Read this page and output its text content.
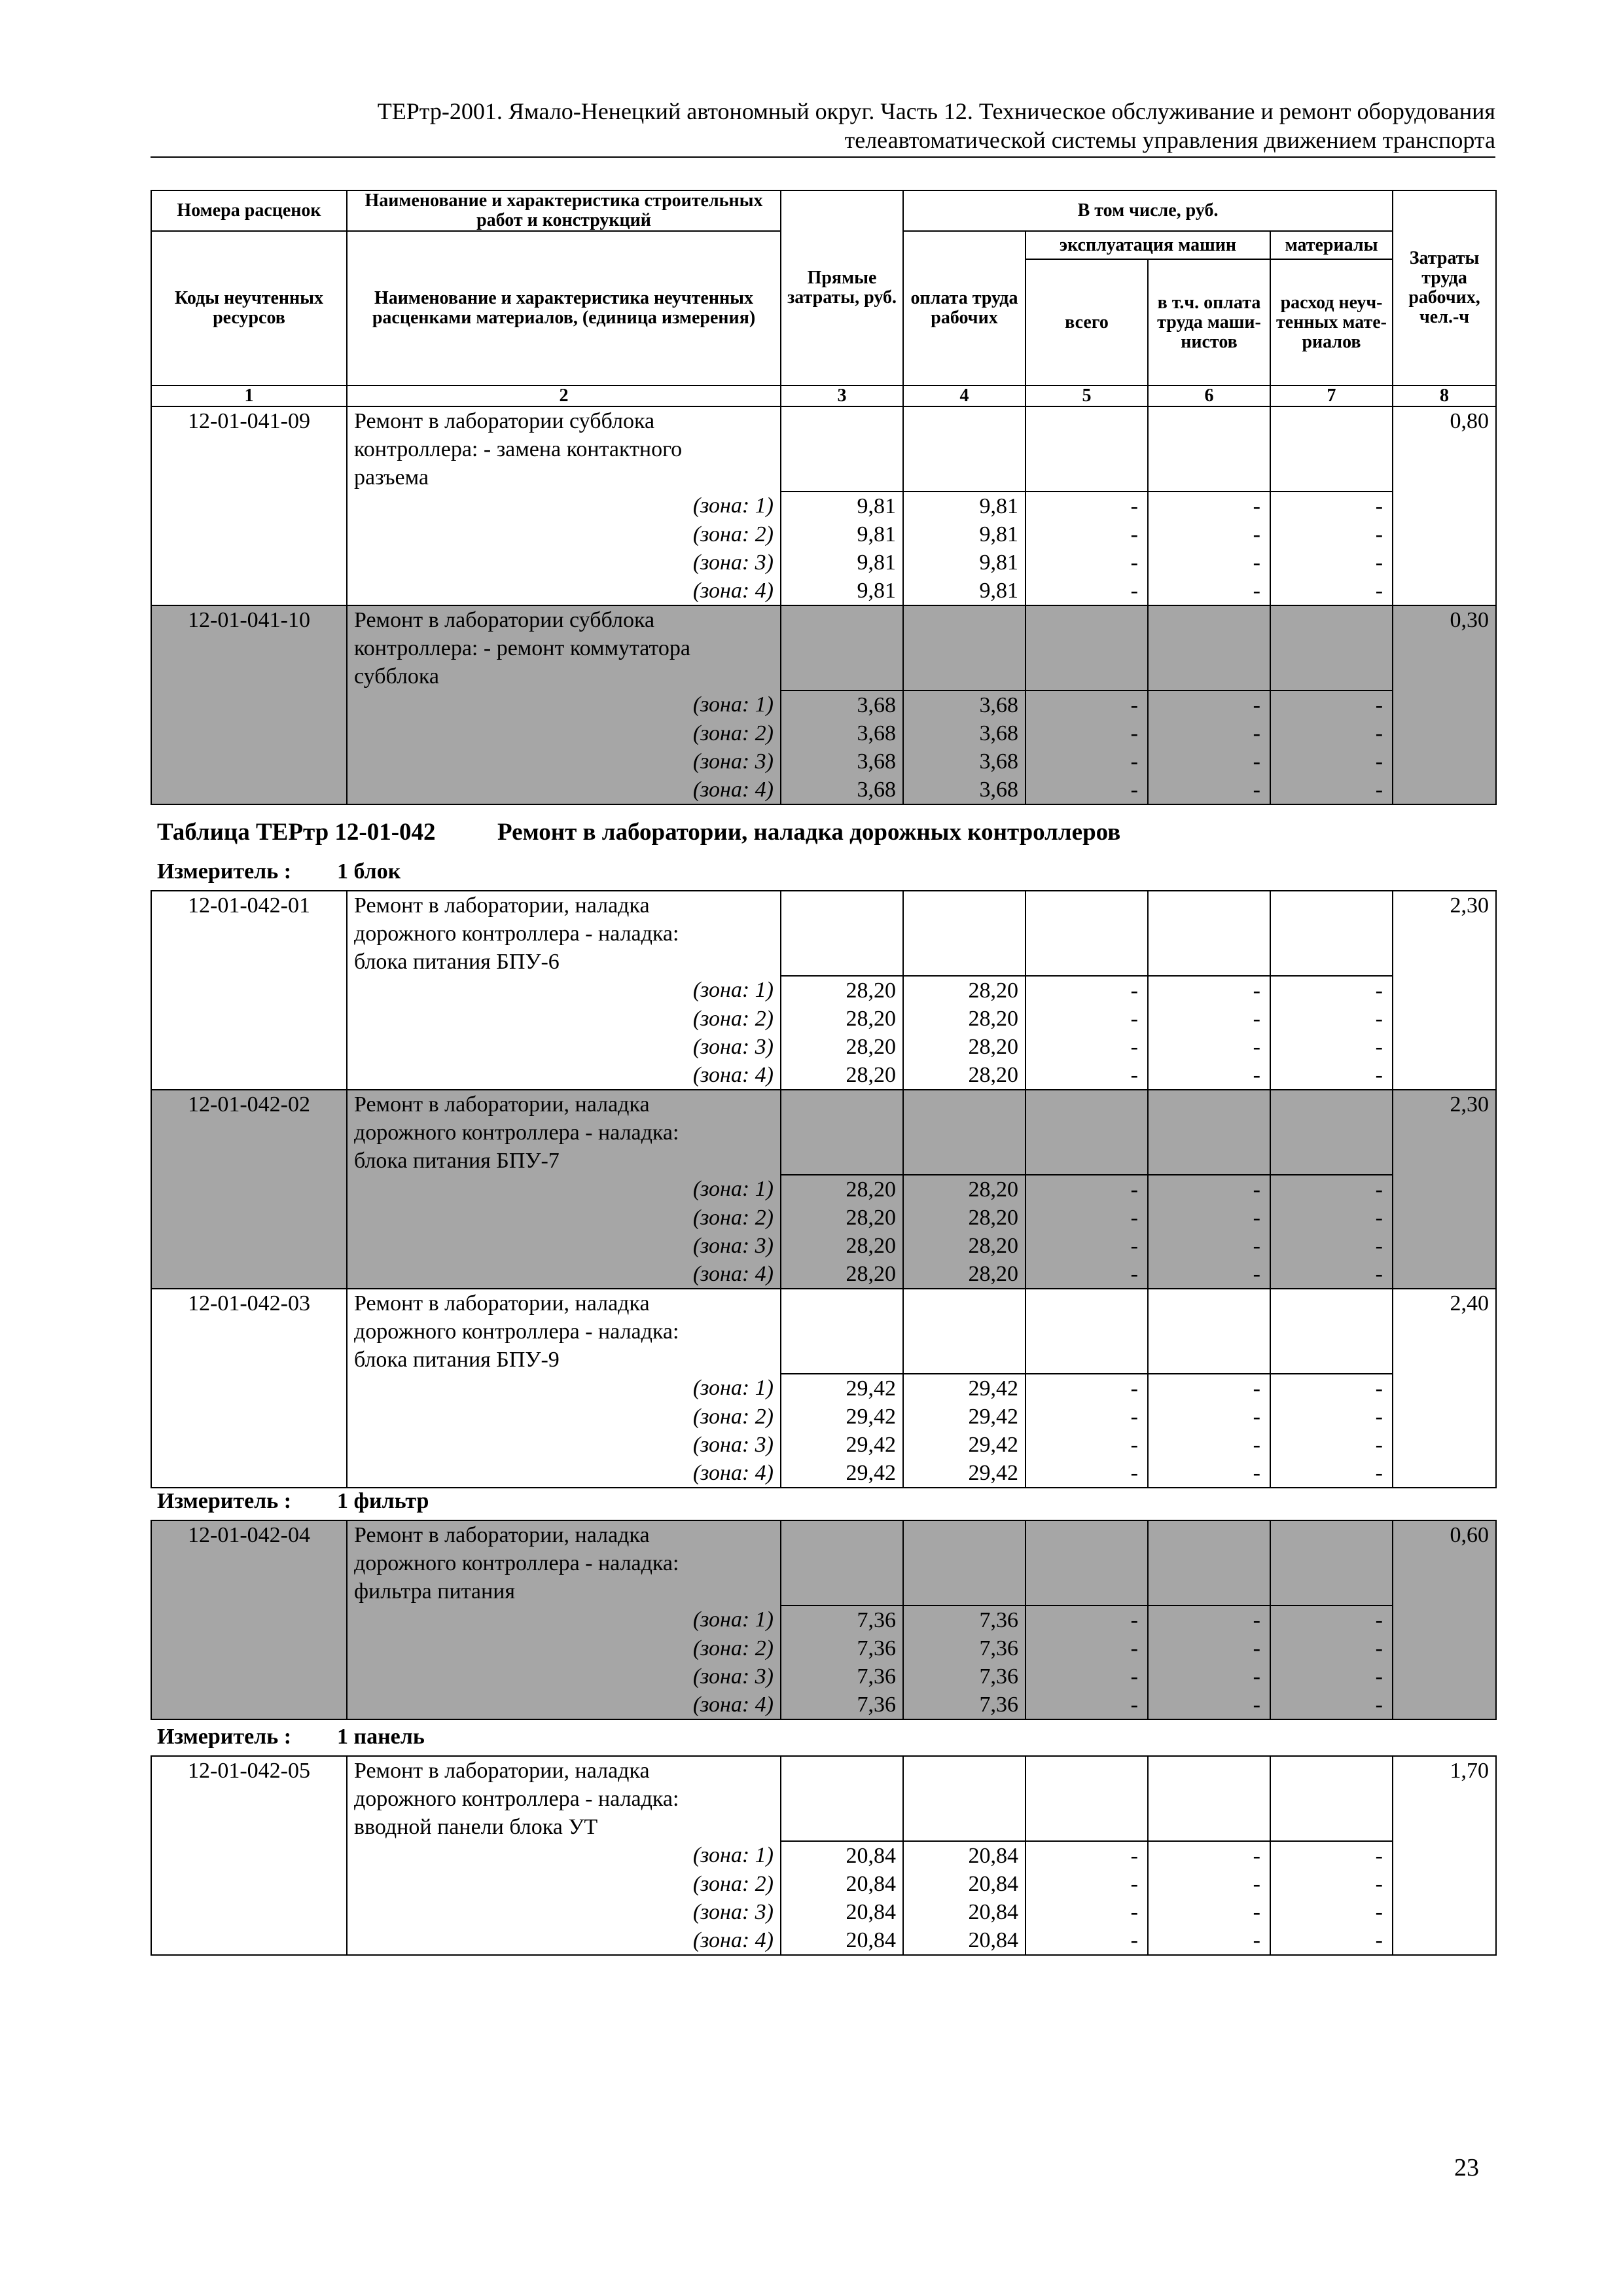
ТЕРтр-2001. Ямало-Ненецкий автономный округ. Часть 12. Техническое обслуживание и ремонт оборудования
телеавтоматической системы управления движением транспорта
Номера расценок	Наименование и характеристика строительных работ и конструкций	Прямые затраты, руб.	В том числе, руб.				Затраты труда рабочих, чел.-ч
Коды неучтенных ресурсов	Наименование и характеристика неучтенных расценками материалов, (единица измерения)		оплата труда рабочих	эксплуатация машин		материалы	
				всего	в т.ч. оплата труда маши-нистов	расход неуч-тенных мате-риалов	
1	2	3	4	5	6	7	8
12-01-041-09	Ремонт в лаборатории субблока						0,80
	контроллера: - замена контактного						
	разъема						
	(зона: 1)	9,81	9,81	-	-	-	
	(зона: 2)	9,81	9,81	-	-	-	
	(зона: 3)	9,81	9,81	-	-	-	
	(зона: 4)	9,81	9,81	-	-	-	
12-01-041-10	Ремонт в лаборатории субблока						0,30
	контроллера: - ремонт коммутатора						
	субблока						
	(зона: 1)	3,68	3,68	-	-	-	
	(зона: 2)	3,68	3,68	-	-	-	
	(зона: 3)	3,68	3,68	-	-	-	
	(зона: 4)	3,68	3,68	-	-	-	
Таблица ТЕРтр 12-01-042	Ремонт в лаборатории, наладка дорожных контроллеров
Измеритель : 1 блок
12-01-042-01	Ремонт в лаборатории, наладка						2,30
	дорожного контроллера - наладка:						
	блока питания БПУ-6						
	(зона: 1)	28,20	28,20	-	-	-	
	(зона: 2)	28,20	28,20	-	-	-	
	(зона: 3)	28,20	28,20	-	-	-	
	(зона: 4)	28,20	28,20	-	-	-	
12-01-042-02	Ремонт в лаборатории, наладка						2,30
	дорожного контроллера - наладка:						
	блока питания БПУ-7						
	(зона: 1)	28,20	28,20	-	-	-	
	(зона: 2)	28,20	28,20	-	-	-	
	(зона: 3)	28,20	28,20	-	-	-	
	(зона: 4)	28,20	28,20	-	-	-	
12-01-042-03	Ремонт в лаборатории, наладка						2,40
	дорожного контроллера - наладка:						
	блока питания БПУ-9						
	(зона: 1)	29,42	29,42	-	-	-	
	(зона: 2)	29,42	29,42	-	-	-	
	(зона: 3)	29,42	29,42	-	-	-	
	(зона: 4)	29,42	29,42	-	-	-	
Измеритель : 1 фильтр
12-01-042-04	Ремонт в лаборатории, наладка						0,60
	дорожного контроллера - наладка:						
	фильтра питания						
	(зона: 1)	7,36	7,36	-	-	-	
	(зона: 2)	7,36	7,36	-	-	-	
	(зона: 3)	7,36	7,36	-	-	-	
	(зона: 4)	7,36	7,36	-	-	-	
Измеритель : 1 панель
12-01-042-05	Ремонт в лаборатории, наладка						1,70
	дорожного контроллера - наладка:						
	вводной панели блока УТ						
	(зона: 1)	20,84	20,84	-	-	-	
	(зона: 2)	20,84	20,84	-	-	-	
	(зона: 3)	20,84	20,84	-	-	-	
	(зона: 4)	20,84	20,84	-	-	-	
23
